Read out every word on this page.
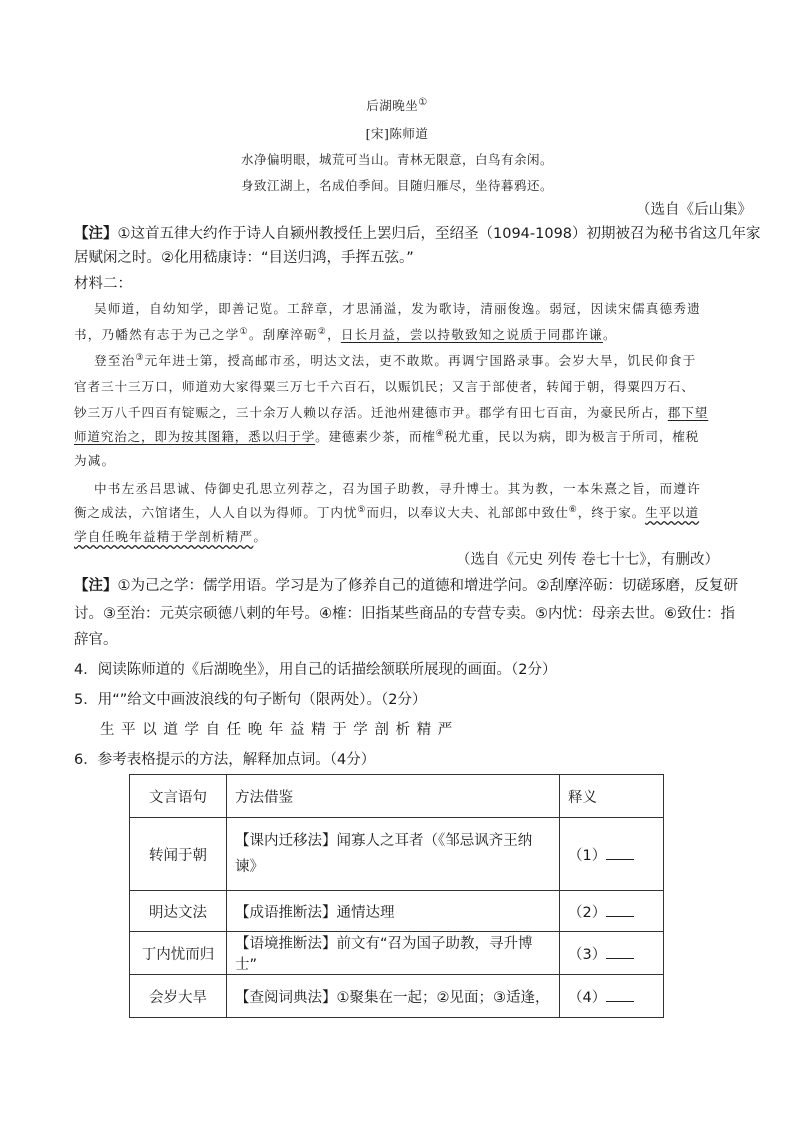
后湖晚坐①
[宋]陈师道
水净偏明眼，城荒可当山。青林无限意，白鸟有余闲。
身致江湖上，名成伯季间。目随归雁尽，坐待暮鸦还。
（选自《后山集》
【注】①这首五律大约作于诗人自颍州教授任上罢归后，至绍圣（1094-1098）初期被召为秘书省这几年家
居赋闲之时。②化用嵇康诗：“目送归鸿，手挥五弦。”
材料二：
吴师道，自幼知学，即善记览。工辞章，才思涌溢，发为歌诗，清丽俊逸。弱冠，因读宋儒真德秀遗
书，乃幡然有志于为己之学①。刮摩淬砺②，日长月益，尝以持敬致知之说质于同郡许谦。
登至治③元年进士第，授高邮市丞，明达文法，吏不敢欺。再调宁国路录事。会岁大旱，饥民仰食于
官者三十三万口，师道劝大家得粟三万七千六百石，以赈饥民；又言于部使者，转闻于朝，得粟四万石、
钞三万八千四百有锭赈之，三十余万人赖以存活。迁池州建德市尹。郡学有田七百亩，为豪民所占，郡下望
师道究治之，即为按其图籍，悉以归于学。建德素少茶，而榷④税尤重，民以为病，即为极言于所司，榷税
为减。
中书左丞吕思诚、侍御史孔思立列荐之，召为国子助教，寻升博士。其为教，一本朱熹之旨，而遵许
衡之成法，六馆诸生，人人自以为得师。丁内忧⑤而归，以奉议大夫、礼部郎中致仕⑥，终于家。生平以道
学自任晚年益精于学剖析精严。
（选自《元史 列传 卷七十七》，有删改）
【注】①为己之学：儒学用语。学习是为了修养自己的道德和增进学问。②刮摩淬砺：切磋琢磨，反复研
讨。③至治：元英宗硕德八剌的年号。④榷：旧指某些商品的专营专卖。⑤内忧：母亲去世。⑥致仕：指
辞官。
4．阅读陈师道的《后湖晚坐》，用自己的话描绘颔联所展现的画面。（2分）
5．用“”给文中画波浪线的句子断句（限两处）。（2分）
生 平 以 道 学 自 任 晚 年 益 精 于 学 剖 析 精 严
6．参考表格提示的方法，解释加点词。（4分）
文言语句	方法借鉴	释义
转闻于朝	【课内迁移法】闻寡人之耳者（《邹忌讽齐王纳谏》	（1）
明达文法	【成语推断法】通情达理	（2）
丁内忧而归	【语境推断法】前文有“召为国子助教，寻升博士”	（3）
会岁大旱	【查阅词典法】①聚集在一起；②见面；③适逢，	（4）
